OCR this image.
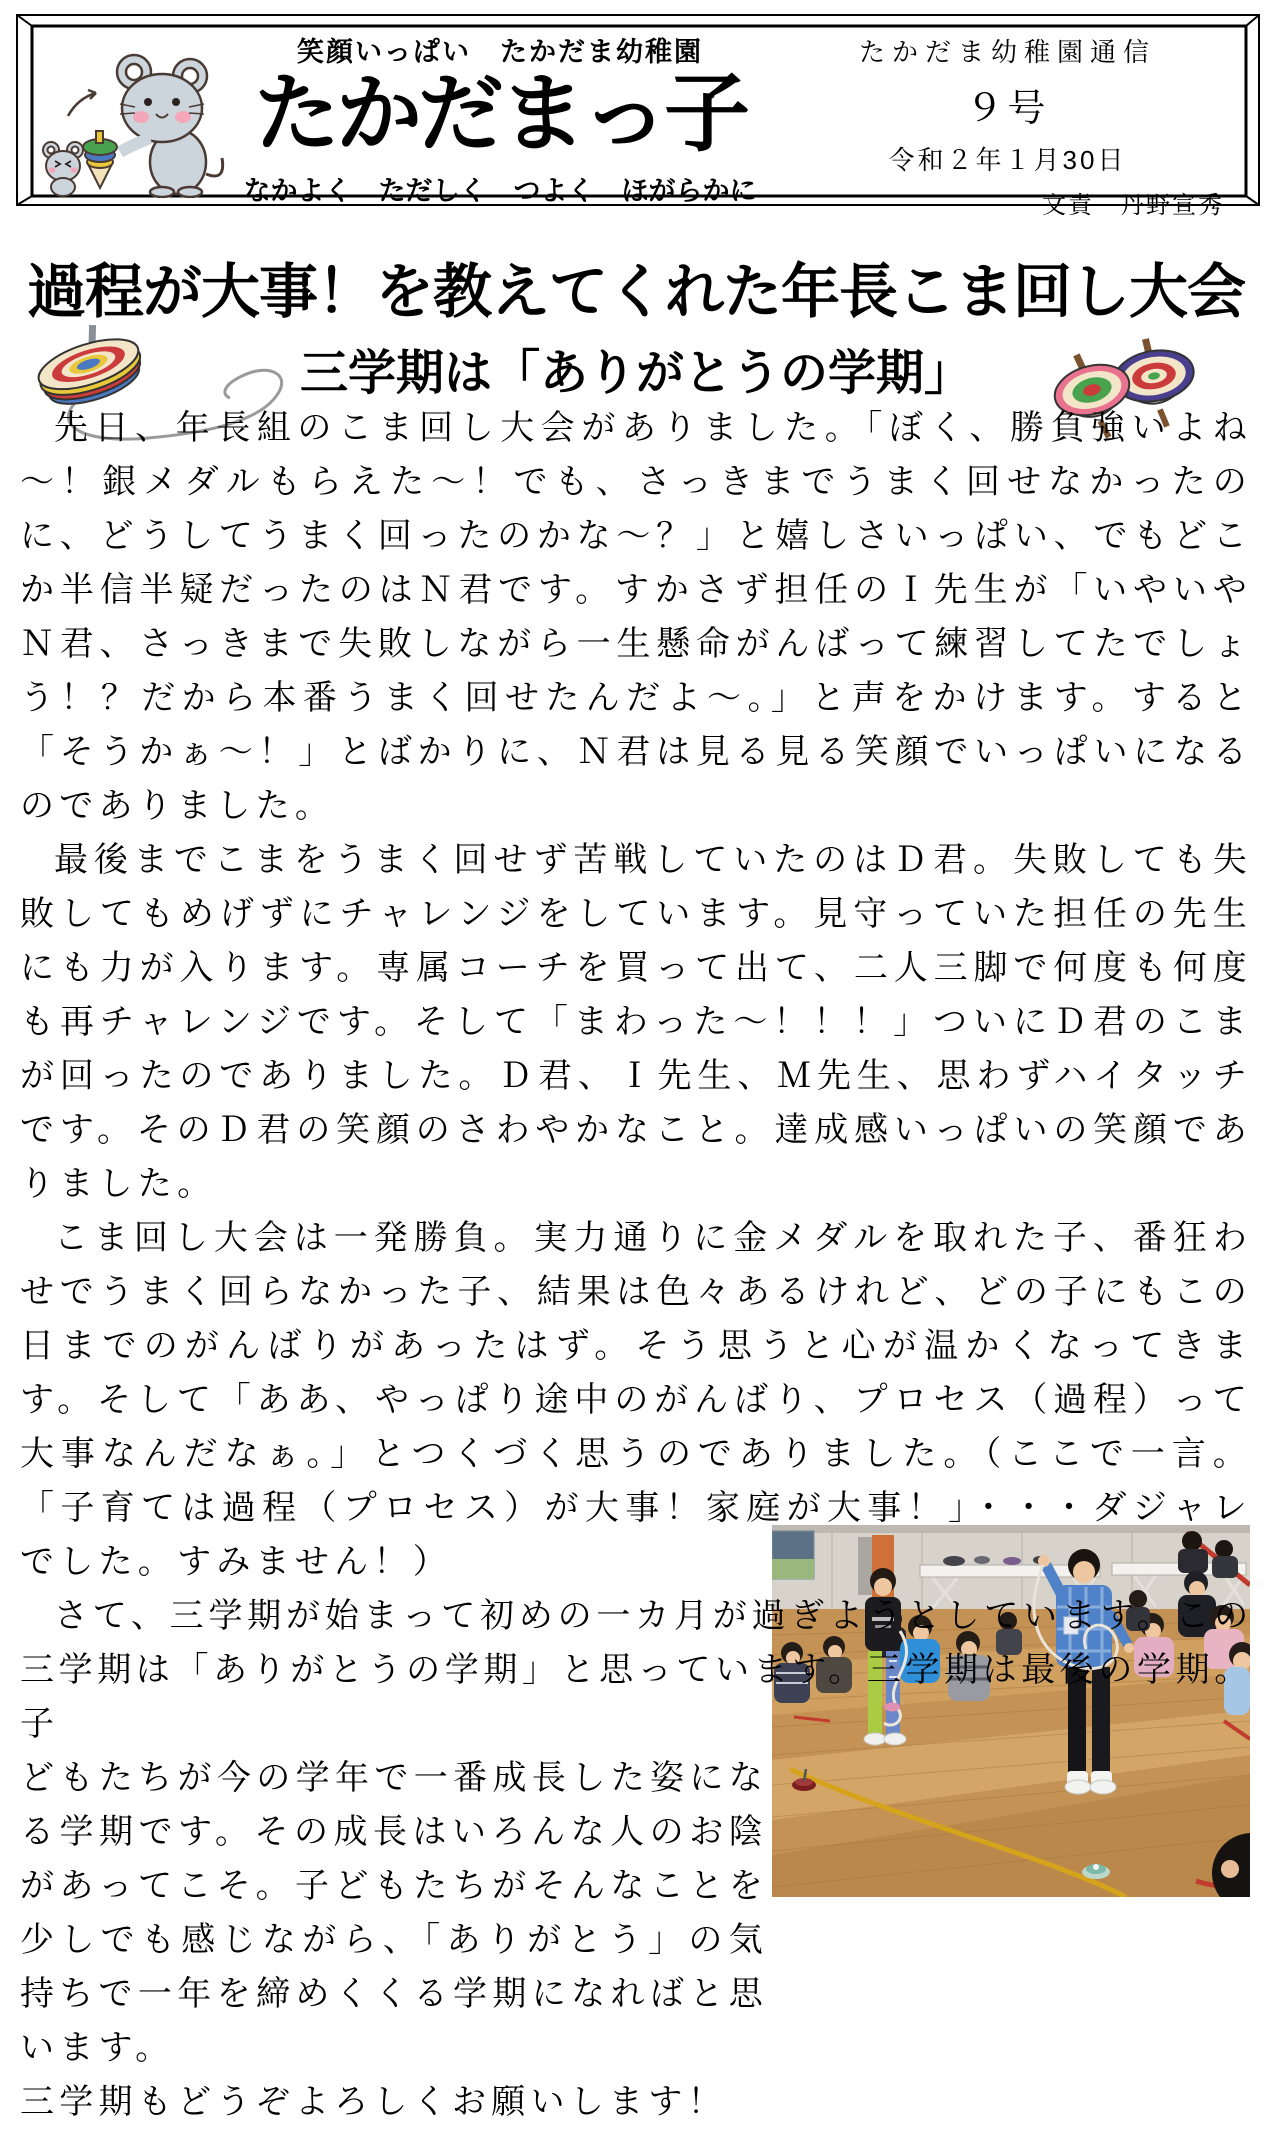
笑顔いっぱい　たかだま幼稚園
たかだまっ子
なかよく　ただしく　つよく　ほがらかに
たかだま幼稚園通信
９号
令和２年１月30日
文責　丹野宣秀
過程が大事！を教えてくれた年長こま回し大会
三学期は「ありがとうの学期」

先日、年長組のこま回し大会がありました。「ぼく、勝負強いよね～！銀メダルもらえた～！でも、さっきまでうまく回せなかったのに、どうしてうまく回ったのかな～？」と嬉しさいっぱい、でもどこか半信半疑だったのはＮ君です。すかさず担任のＩ先生が「いやいやＮ君、さっきまで失敗しながら一生懸命がんばって練習してたでしょう！？だから本番うまく回せたんだよ～。」と声をかけます。すると「そうかぁ～！」とばかりに、Ｎ君は見る見る笑顔でいっぱいになるのでありました。

最後までこまをうまく回せず苦戦していたのはＤ君。失敗しても失敗してもめげずにチャレンジをしています。見守っていた担任の先生にも力が入ります。専属コーチを買って出て、二人三脚で何度も何度も再チャレンジです。そして「まわった～！！！」ついにＤ君のこまが回ったのでありました。Ｄ君、Ｉ先生、Ｍ先生、思わずハイタッチです。そのＤ君の笑顔のさわやかなこと。達成感いっぱいの笑顔でありました。

こま回し大会は一発勝負。実力通りに金メダルを取れた子、番狂わせでうまく回らなかった子、結果は色々あるけれど、どの子にもこの日までのがんばりがあったはず。そう思うと心が温かくなってきます。そして「ああ、やっぱり途中のがんばり、プロセス（過程）って大事なんだなぁ。」とつくづく思うのでありました。（ここで一言。「子育ては過程（プロセス）が大事！家庭が大事！」・・・ダジャレでした。すみません！）

さて、三学期が始まって初めの一カ月が過ぎようとしています。この三学期は「ありがとうの学期」と思っています。三学期は最後の学期。子

どもたちが今の学年で一番成長した姿になる学期です。その成長はいろんな人のお陰があってこそ。子どもたちがそんなことを少しでも感じながら、「ありがとう」の気持ちで一年を締めくくる学期になればと思います。

三学期もどうぞよろしくお願いします！
